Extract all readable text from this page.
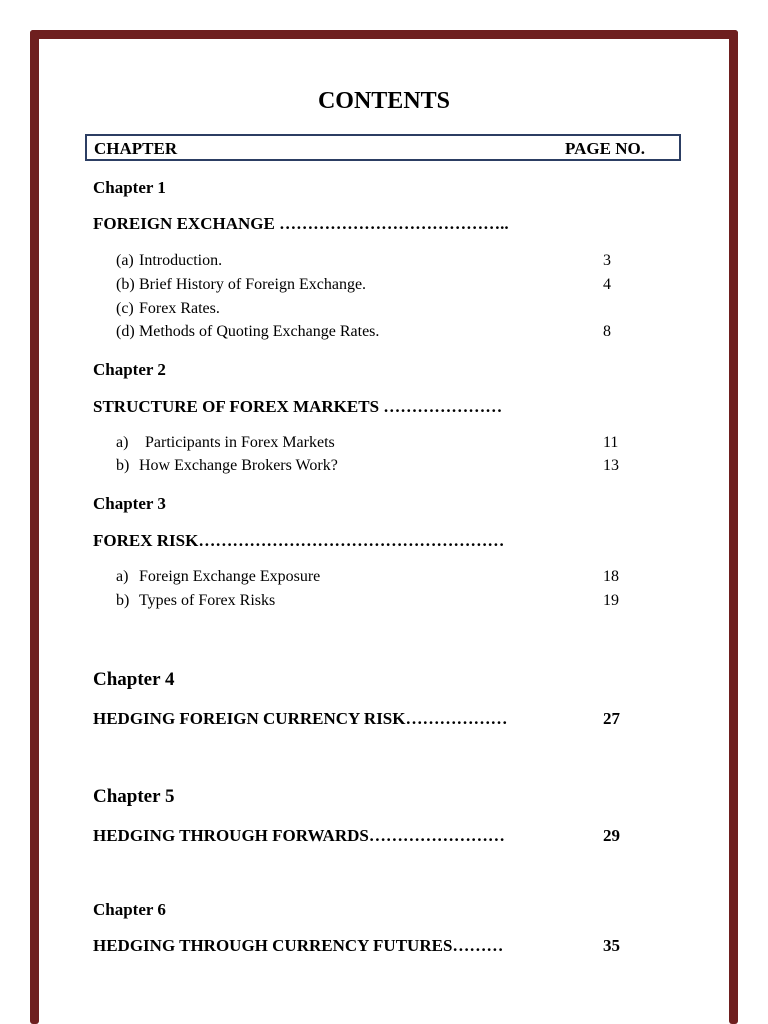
CONTENTS
CHAPTER	PAGE NO.
Chapter 1
FOREIGN EXCHANGE …………………………………..
(a) Introduction.	3
(b) Brief History of Foreign Exchange.	4
(c) Forex Rates.
(d) Methods of Quoting Exchange Rates.	8
Chapter 2
STRUCTURE OF FOREX MARKETS …………………
a) Participants in Forex Markets	11
b) How Exchange Brokers Work?	13
Chapter 3
FOREX RISK………………………………………………
a) Foreign Exchange Exposure	18
b) Types of Forex Risks	19
Chapter 4
HEDGING FOREIGN CURRENCY RISK………………	27
Chapter 5
HEDGING THROUGH FORWARDS……………………	29
Chapter 6
HEDGING THROUGH CURRENCY FUTURES………	35
